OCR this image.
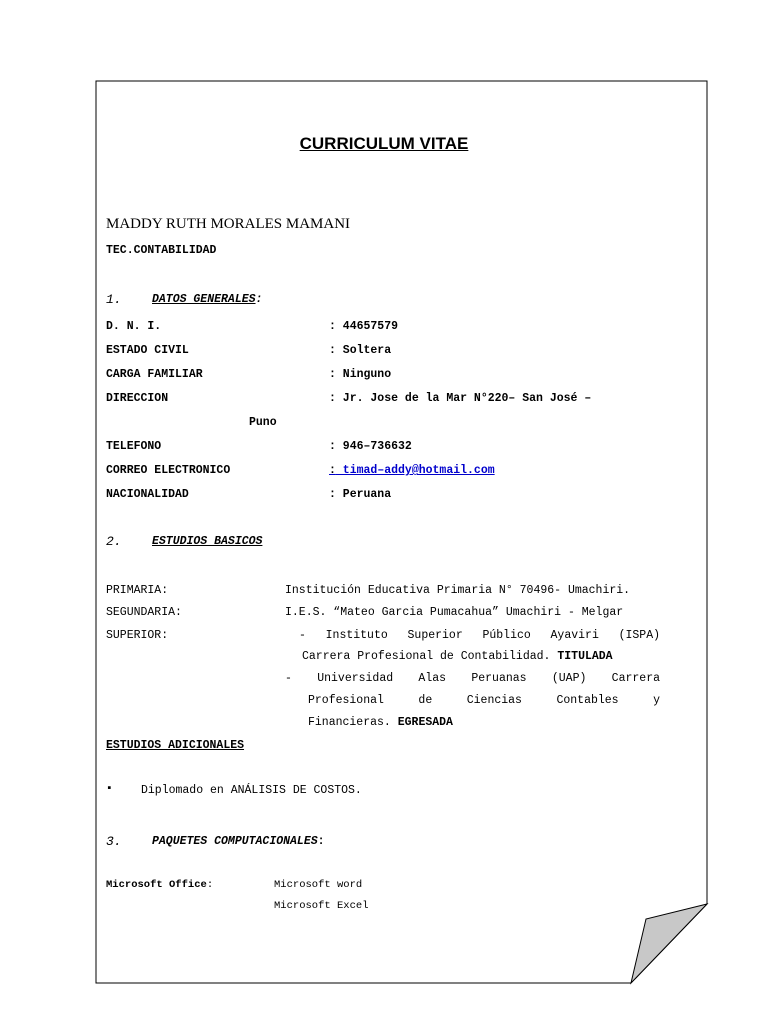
CURRICULUM VITAE
MADDY RUTH MORALES MAMANI
TEC.CONTABILIDAD
1.	DATOS GENERALES:
D. N. I.	: 44657579
ESTADO CIVIL	: Soltera
CARGA FAMILIAR	: Ninguno
DIRECCION	: Jr. Jose de la Mar N°220– San José –
Puno
TELEFONO	: 946–736632
CORREO ELECTRONICO	: timad–addy@hotmail.com
NACIONALIDAD	: Peruana
2.	ESTUDIOS BASICOS
PRIMARIA:	Institución Educativa Primaria N° 70496- Umachiri.
SEGUNDARIA:	I.E.S. “Mateo Garcia Pumacahua” Umachiri - Melgar
SUPERIOR:	- Instituto Superior Público Ayaviri (ISPA)
Carrera Profesional de Contabilidad. TITULADA
- Universidad Alas Peruanas (UAP) Carrera
Profesional de Ciencias Contables y
Financieras. EGRESADA
ESTUDIOS ADICIONALES
▪ Diplomado en ANÁLISIS DE COSTOS.
3.	PAQUETES COMPUTACIONALES:
Microsoft Office:	Microsoft word
Microsoft Excel
